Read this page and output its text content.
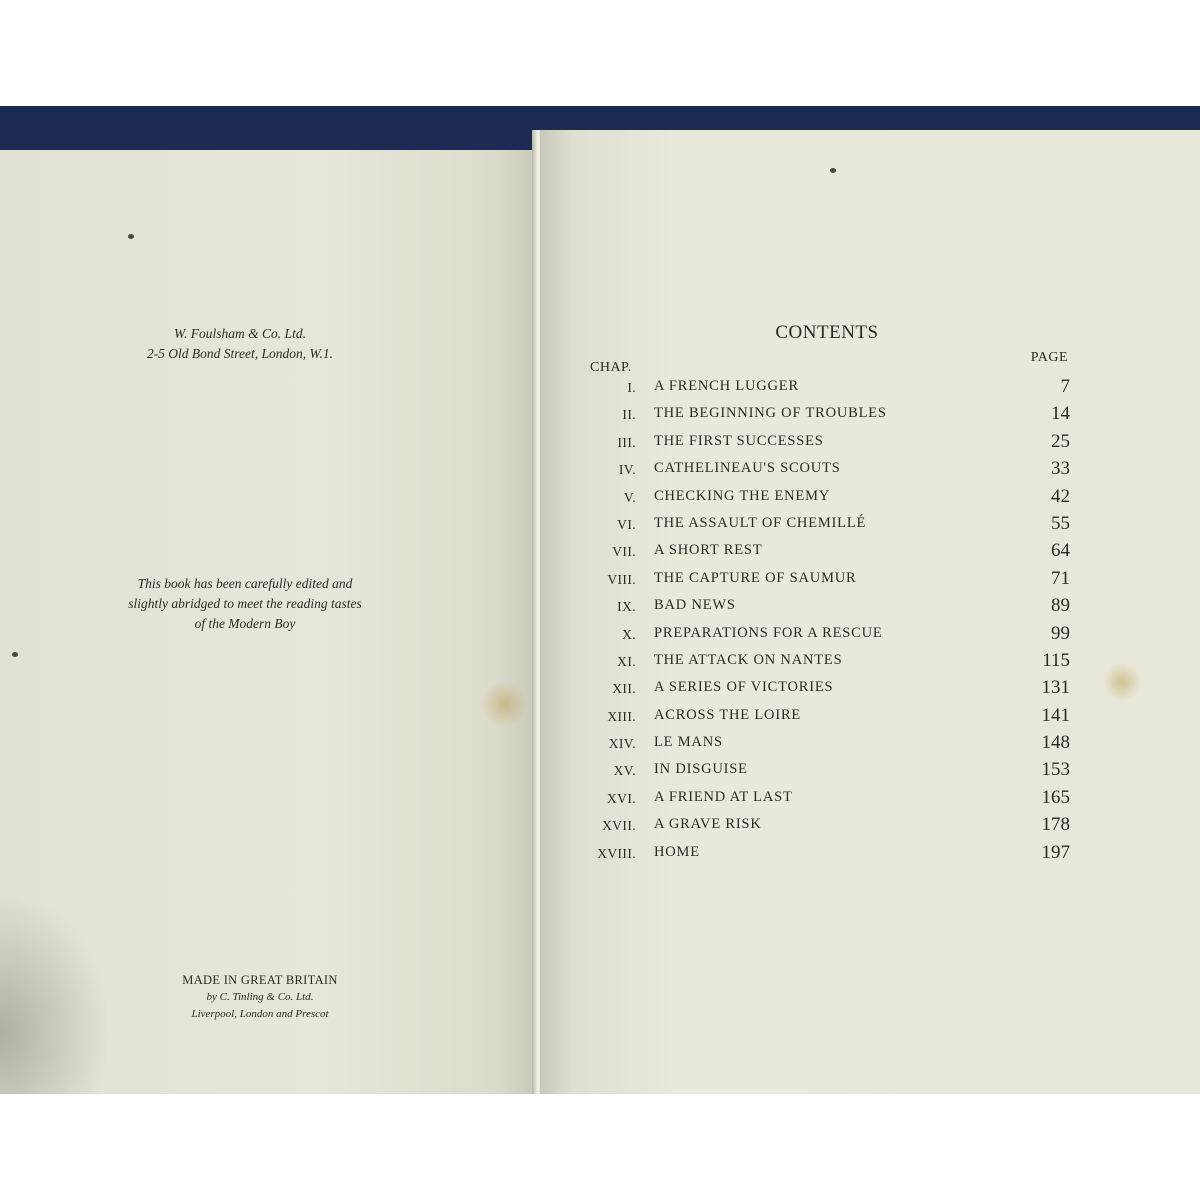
W. Foulsham & Co. Ltd.
2-5 Old Bond Street, London, W.1.
This book has been carefully edited and
slightly abridged to meet the reading tastes
of the Modern Boy
MADE IN GREAT BRITAIN
by C. Tinling & Co. Ltd.
Liverpool, London and Prescot
CONTENTS
PAGE
CHAP.
I. A FRENCH LUGGER	7
II. THE BEGINNING OF TROUBLES	14
III. THE FIRST SUCCESSES	25
IV. CATHELINEAU'S SCOUTS	33
V. CHECKING THE ENEMY	42
VI. THE ASSAULT OF CHEMILLÉ	55
VII. A SHORT REST	64
VIII. THE CAPTURE OF SAUMUR	71
IX. BAD NEWS	89
X. PREPARATIONS FOR A RESCUE	99
XI. THE ATTACK ON NANTES	115
XII. A SERIES OF VICTORIES	131
XIII. ACROSS THE LOIRE	141
XIV. LE MANS	148
XV. IN DISGUISE	153
XVI. A FRIEND AT LAST	165
XVII. A GRAVE RISK	178
XVIII. HOME	197
